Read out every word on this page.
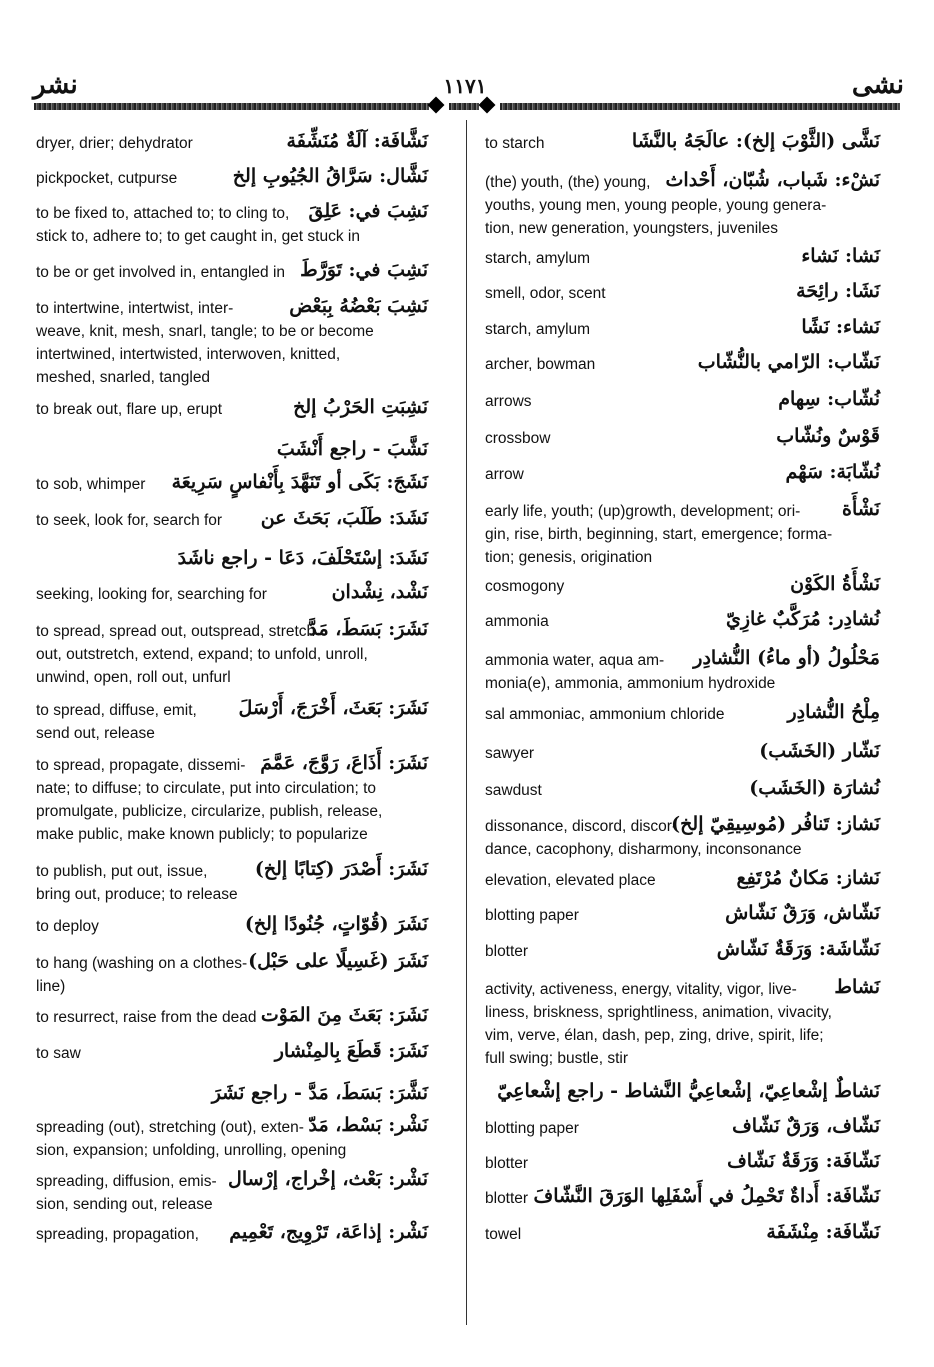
نشر	١١٧١	نشى
نَشَّافَة: آلَةٌ مُنَشِّفَة
dryer, drier; dehydrator
نَشَّال: سَرَّاقُ الجُيُوبِ إلخ
pickpocket, cutpurse
نَشِبَ في: عَلِقَ
to be fixed to, attached to; to cling to,
stick to, adhere to; to get caught in, get stuck in
نَشِبَ في: تَوَرَّطَ
to be or get involved in, entangled in
نَشِبَ بَعْضُهُ بِبَعْض
to intertwine, intertwist, inter-
weave, knit, mesh, snarl, tangle; to be or become
intertwined, intertwisted, interwoven, knitted,
meshed, snarled, tangled
نَشِبَتِ الحَرْبُ إلخ
to break out, flare up, erupt
نَشَّبَ - راجع أَنْشَبَ
نَشَجَ: بَكَى أو تَنَهَّدَ بِأَنْفاسٍ سَرِيعَة
to sob, whimper
نَشَدَ: طَلَبَ، بَحَثَ عن
to seek, look for, search for
نَشَدَ: إسْتَحْلَفَ، دَعَا - راجع ناشَدَ
نَشْد، نِشْدان
seeking, looking for, searching for
نَشَرَ: بَسَطَ، مَدَّ
to spread, spread out, outspread, stretch
out, outstretch, extend, expand; to unfold, unroll,
unwind, open, roll out, unfurl
نَشَرَ: بَعَثَ، أَخْرَجَ، أَرْسَلَ
to spread, diffuse, emit,
send out, release
نَشَرَ: أَذَاعَ، رَوَّجَ، عَمَّمَ
to spread, propagate, dissemi-
nate; to diffuse; to circulate, put into circulation; to
promulgate, publicize, circularize, publish, release,
make public, make known publicly; to popularize
نَشَرَ: أَصْدَرَ (كِتابًا إلخ)
to publish, put out, issue,
bring out, produce; to release
نَشَرَ (قُوّاتٍ، جُنُودًا إلخ)
to deploy
نَشَرَ (غَسِيلًا على حَبْل)
to hang (washing on a clothes-
line)
نَشَرَ: بَعَثَ مِنَ المَوْت
to resurrect, raise from the dead
نَشَرَ: قَطَعَ بِالمِنْشار
to saw
نَشَّرَ: بَسَطَ، مَدَّ - راجع نَشَرَ
نَشْر: بَسْط، مَدّ
spreading (out), stretching (out), exten-
sion, expansion; unfolding, unrolling, opening
نَشْر: بَعْث، إخْراج، إرْسال
spreading, diffusion, emis-
sion, sending out, release
نَشْر: إذاعَة، تَرْوِيج، تَعْمِيم
spreading, propagation,
نَشَّى (الثَّوْبَ إلخ): عالَجَهُ بالنَّشَا
to starch
نَشْء: شَباب، شُبّان، أَحْداث
(the) youth, (the) young,
youths, young men, young people, young genera-
tion, new generation, youngsters, juveniles
نَشا: نَشاء
starch, amylum
نَشَا: رائِحَة
smell, odor, scent
نَشاء: نَشًا
starch, amylum
نَشّاب: الرّامي بالنُّشّاب
archer, bowman
نُشّاب: سِهام
arrows
قَوْسٌ ونُشّاب
crossbow
نُشّابَة: سَهْم
arrow
نَشْأَة
early life, youth; (up)growth, development; ori-
gin, rise, birth, beginning, start, emergence; forma-
tion; genesis, origination
نَشْأَةُ الكَوْن
cosmogony
نُشادِر: مُرَكَّبٌ غازِيّ
ammonia
مَحْلُولُ (أو ماءُ) النُّشادِر
ammonia water, aqua am-
monia(e), ammonia, ammonium hydroxide
مِلْحُ النُّشادِر
sal ammoniac, ammonium chloride
نَشّار (الخَشَب)
sawyer
نُشارَة (الخَشَب)
sawdust
نَشاز: تَنافُر (مُوسِيقِيّ إلخ)
dissonance, discord, discor-
dance, cacophony, disharmony, inconsonance
نَشاز: مَكانٌ مُرْتَفِع
elevation, elevated place
نَشّاش، وَرَقٌ نَشّاش
blotting paper
نَشّاشَة: وَرَقَةٌ نَشّاش
blotter
نَشاط
activity, activeness, energy, vitality, vigor, live-
liness, briskness, sprightliness, animation, vivacity,
vim, verve, élan, dash, pep, zing, drive, spirit, life;
full swing; bustle, stir
نَشاطٌ إشْعاعِيّ، إشْعاعِيُّ النَّشاط - راجع إشْعاعِيّ
نَشّاف، وَرَقٌ نَشّاف
blotting paper
نَشّافَة: وَرَقَةٌ نَشّاف
blotter
نَشّافَة: أَداةٌ تَحْمِلُ في أَسْفَلِها الوَرَقَ النَّشّافَ
blotter
نَشّافَة: مِنْشَفَة
towel
